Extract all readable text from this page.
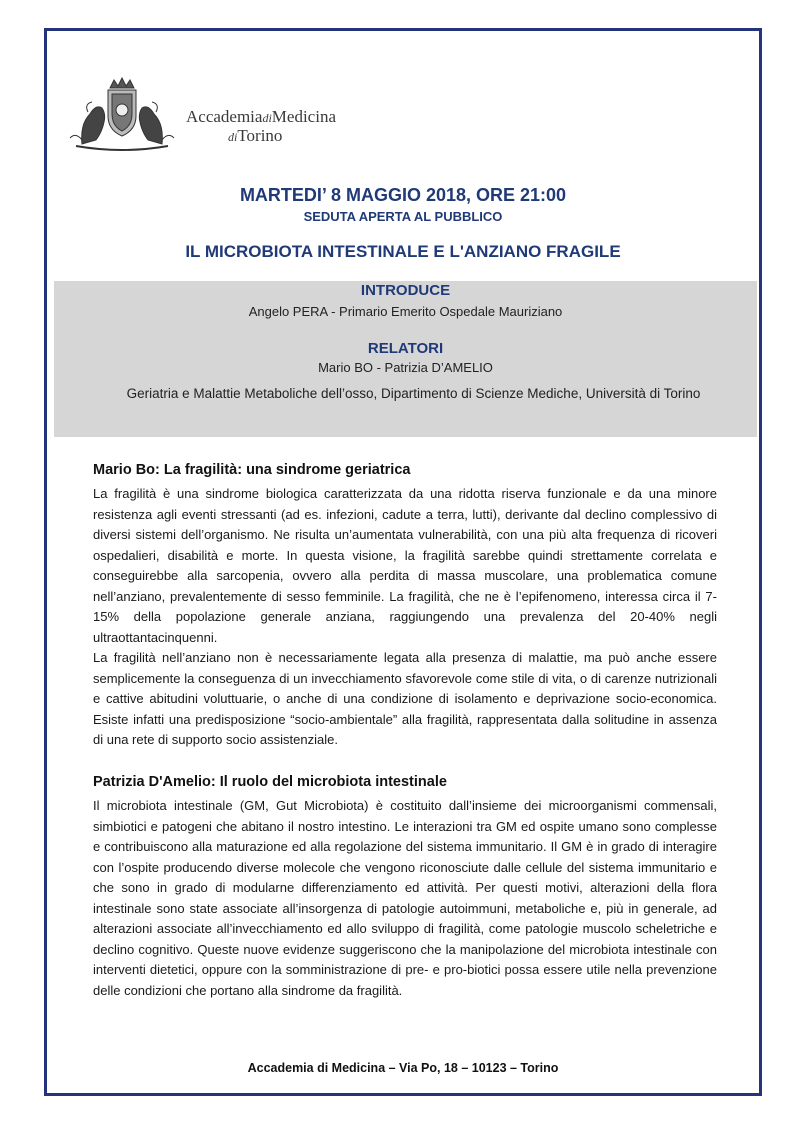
AccademiadiMedicina
diTorino
MARTEDI’ 8 MAGGIO 2018, ORE 21:00
SEDUTA APERTA AL PUBBLICO
IL MICROBIOTA INTESTINALE E L'ANZIANO FRAGILE
INTRODUCE
Angelo PERA - Primario Emerito Ospedale Mauriziano
RELATORI
Mario BO - Patrizia D’AMELIO
Geriatria e Malattie Metaboliche dell’osso, Dipartimento di Scienze Mediche, Università di Torino
Mario Bo: La fragilità: una sindrome geriatrica

La fragilità è una sindrome biologica caratterizzata da una ridotta riserva funzionale e da una minore resistenza agli eventi stressanti (ad es. infezioni, cadute a terra, lutti), derivante dal declino complessivo di diversi sistemi dell’organismo. Ne risulta un’aumentata vulnerabilità, con una più alta frequenza di ricoveri ospedalieri, disabilità e morte. In questa visione, la fragilità sarebbe quindi strettamente correlata e conseguirebbe alla sarcopenia, ovvero alla perdita di massa muscolare, una problematica comune nell’anziano, prevalentemente di sesso femminile. La fragilità, che ne è l’epifenomeno, interessa circa il 7-15% della popolazione generale anziana, raggiungendo una prevalenza del 20-40% negli ultraottantacinquenni.

La fragilità nell’anziano non è necessariamente legata alla presenza di malattie, ma può anche essere semplicemente la conseguenza di un invecchiamento sfavorevole come stile di vita, o di carenze nutrizionali e cattive abitudini voluttuarie, o anche di una condizione di isolamento e deprivazione socio-economica. Esiste infatti una predisposizione “socio-ambientale” alla fragilità, rappresentata dalla solitudine in assenza di una rete di supporto socio assistenziale.

Patrizia D'Amelio: Il ruolo del microbiota intestinale

Il microbiota intestinale (GM, Gut Microbiota) è costituito dall’insieme dei microorganismi commensali, simbiotici e patogeni che abitano il nostro intestino. Le interazioni tra GM ed ospite umano sono complesse e contribuiscono alla maturazione ed alla regolazione del sistema immunitario. Il GM è in grado di interagire con l’ospite producendo diverse molecole che vengono riconosciute dalle cellule del sistema immunitario e che sono in grado di modularne differenziamento ed attività. Per questi motivi, alterazioni della flora intestinale sono state associate all’insorgenza di patologie autoimmuni, metaboliche e, più in generale, ad alterazioni associate all’invecchiamento ed allo sviluppo di fragilità, come patologie muscolo scheletriche e declino cognitivo. Queste nuove evidenze suggeriscono che la manipolazione del microbiota intestinale con interventi dietetici, oppure con la somministrazione di pre- e pro-biotici possa essere utile nella prevenzione delle condizioni che portano alla sindrome da fragilità.

Accademia di Medicina – Via Po, 18 – 10123 – Torino
